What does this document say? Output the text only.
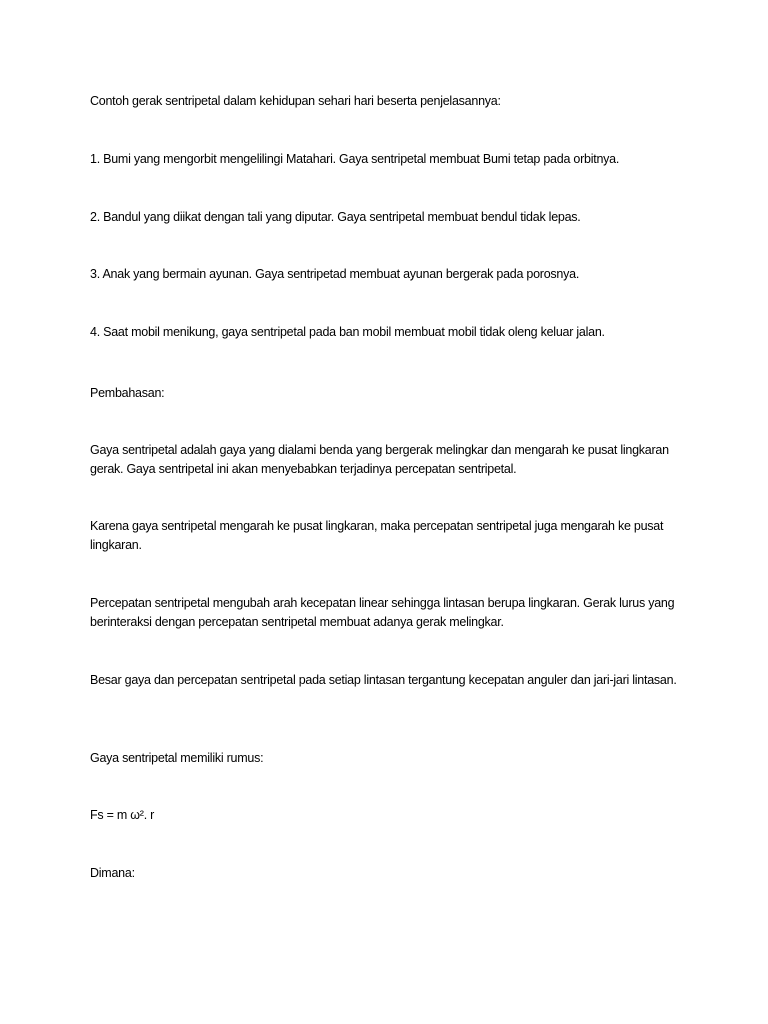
Contoh gerak sentripetal dalam kehidupan sehari hari beserta penjelasannya:

1. Bumi yang mengorbit mengelilingi Matahari. Gaya sentripetal membuat Bumi tetap pada orbitnya.

2. Bandul yang diikat dengan tali yang diputar. Gaya sentripetal membuat bendul tidak lepas.

3. Anak yang bermain ayunan. Gaya sentripetad membuat ayunan bergerak pada porosnya.

4. Saat mobil menikung, gaya sentripetal pada ban mobil membuat mobil tidak oleng keluar jalan.

Pembahasan:

Gaya sentripetal adalah gaya yang dialami benda yang bergerak melingkar dan mengarah ke pusat lingkaran gerak. Gaya sentripetal ini akan menyebabkan terjadinya percepatan sentripetal.

Karena gaya sentripetal mengarah ke pusat lingkaran, maka percepatan sentripetal juga mengarah ke pusat lingkaran.

Percepatan sentripetal mengubah arah kecepatan linear sehingga lintasan berupa lingkaran. Gerak lurus yang berinteraksi dengan percepatan sentripetal membuat adanya gerak melingkar.

Besar gaya dan percepatan sentripetal pada setiap lintasan tergantung kecepatan anguler dan jari-jari lintasan.

Gaya sentripetal memiliki rumus:

Fs = m ω². r

Dimana:
